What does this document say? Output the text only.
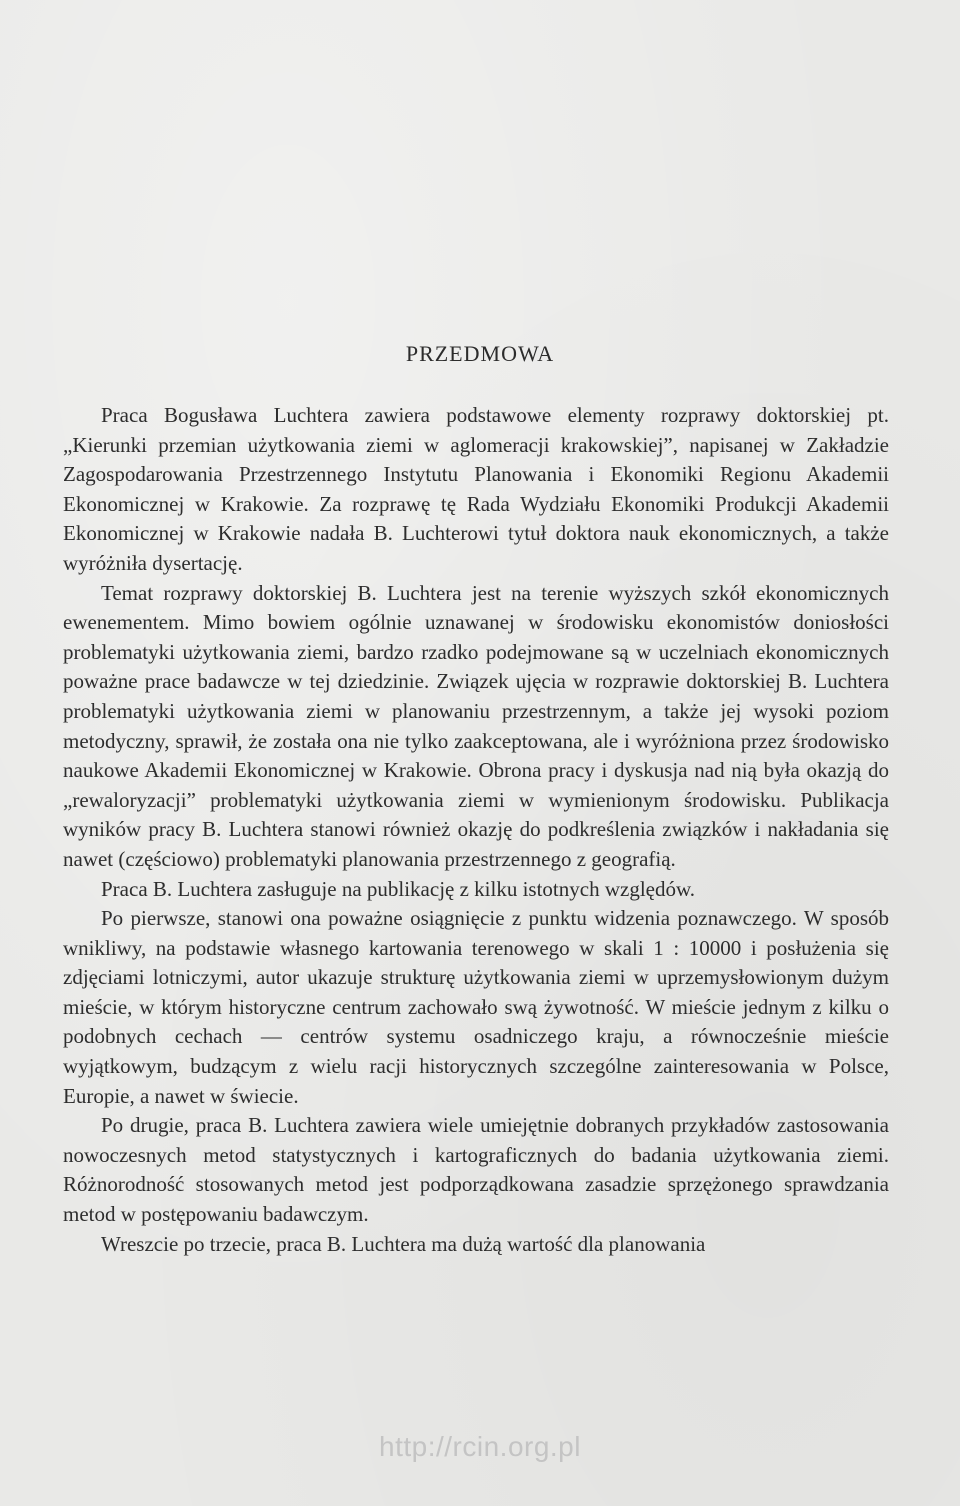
PRZEDMOWA

Praca Bogusława Luchtera zawiera podstawowe elementy rozprawy doktorskiej pt. „Kierunki przemian użytkowania ziemi w aglomeracji krakowskiej”, napisanej w Zakładzie Zagospodarowania Przestrzennego Instytutu Planowania i Ekonomiki Regionu Akademii Ekonomicznej w Krakowie. Za rozprawę tę Rada Wydziału Ekonomiki Produkcji Akademii Ekonomicznej w Krakowie nadała B. Luchterowi tytuł doktora nauk ekonomicznych, a także wyróżniła dysertację.

Temat rozprawy doktorskiej B. Luchtera jest na terenie wyższych szkół ekonomicznych ewenementem. Mimo bowiem ogólnie uznawanej w środowisku ekonomistów doniosłości problematyki użytkowania ziemi, bardzo rzadko podejmowane są w uczelniach ekonomicznych poważne prace badawcze w tej dziedzinie. Związek ujęcia w rozprawie doktorskiej B. Luchtera problematyki użytkowania ziemi w planowaniu przestrzennym, a także jej wysoki poziom metodyczny, sprawił, że została ona nie tylko zaakceptowana, ale i wyróżniona przez środowisko naukowe Akademii Ekonomicznej w Krakowie. Obrona pracy i dyskusja nad nią była okazją do „rewaloryzacji” problematyki użytkowania ziemi w wymienionym środowisku. Publikacja wyników pracy B. Luchtera stanowi również okazję do podkreślenia związków i nakładania się nawet (częściowo) problematyki planowania przestrzennego z geografią.

Praca B. Luchtera zasługuje na publikację z kilku istotnych względów.

Po pierwsze, stanowi ona poważne osiągnięcie z punktu widzenia poznawczego. W sposób wnikliwy, na podstawie własnego kartowania terenowego w skali 1 : 10000 i posłużenia się zdjęciami lotniczymi, autor ukazuje strukturę użytkowania ziemi w uprzemysłowionym dużym mieście, w którym historyczne centrum zachowało swą żywotność. W mieście jednym z kilku o podobnych cechach — centrów systemu osadniczego kraju, a równocześnie mieście wyjątkowym, budzącym z wielu racji historycznych szczególne zainteresowania w Polsce, Europie, a nawet w świecie.

Po drugie, praca B. Luchtera zawiera wiele umiejętnie dobranych przykładów zastosowania nowoczesnych metod statystycznych i kartograficznych do badania użytkowania ziemi. Różnorodność stosowanych metod jest podporządkowana zasadzie sprzężonego sprawdzania metod w postępowaniu badawczym.

Wreszcie po trzecie, praca B. Luchtera ma dużą wartość dla planowania

http://rcin.org.pl
